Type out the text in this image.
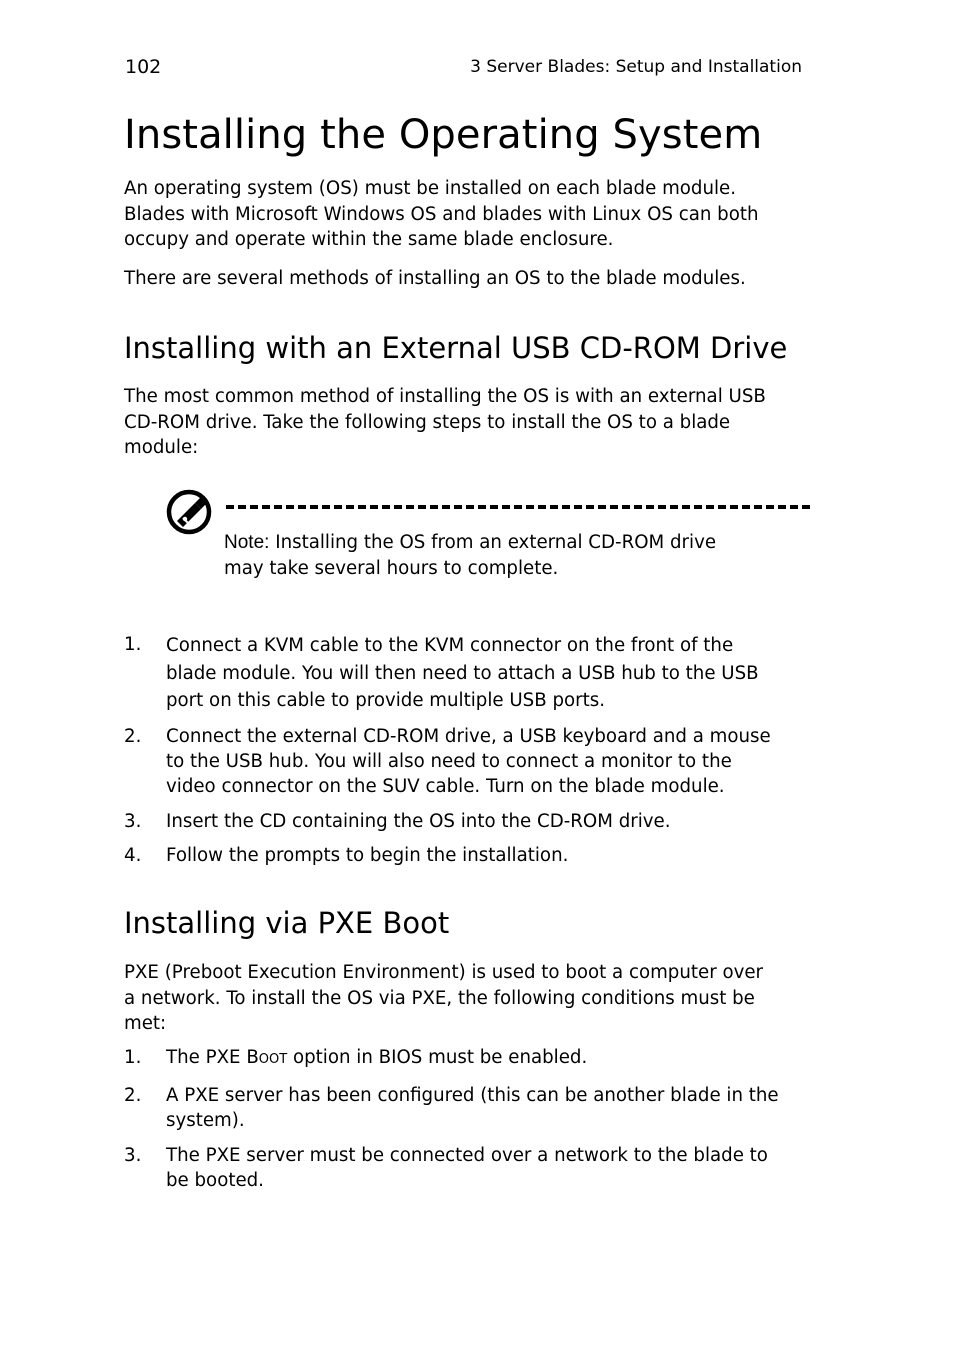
102	3 Server Blades: Setup and Installation
Installing the Operating System

An operating system (OS) must be installed on each blade module.
Blades with Microsoft Windows OS and blades with Linux OS can both
occupy and operate within the same blade enclosure.

There are several methods of installing an OS to the blade modules.

Installing with an External USB CD-ROM Drive

The most common method of installing the OS is with an external USB
CD-ROM drive. Take the following steps to install the OS to a blade
module:

Note: Installing the OS from an external CD-ROM drive
may take several hours to complete.
1. Connect a KVM cable to the KVM connector on the front of the
blade module. You will then need to attach a USB hub to the USB
port on this cable to provide multiple USB ports.
2. Connect the external CD-ROM drive, a USB keyboard and a mouse
to the USB hub. You will also need to connect a monitor to the
video connector on the SUV cable. Turn on the blade module.
3. Insert the CD containing the OS into the CD-ROM drive.
4. Follow the prompts to begin the installation.
Installing via PXE Boot

PXE (Preboot Execution Environment) is used to boot a computer over
a network. To install the OS via PXE, the following conditions must be
met:

1. The PXE Boot option in BIOS must be enabled.
2. A PXE server has been configured (this can be another blade in the
system).
3. The PXE server must be connected over a network to the blade to
be booted.
